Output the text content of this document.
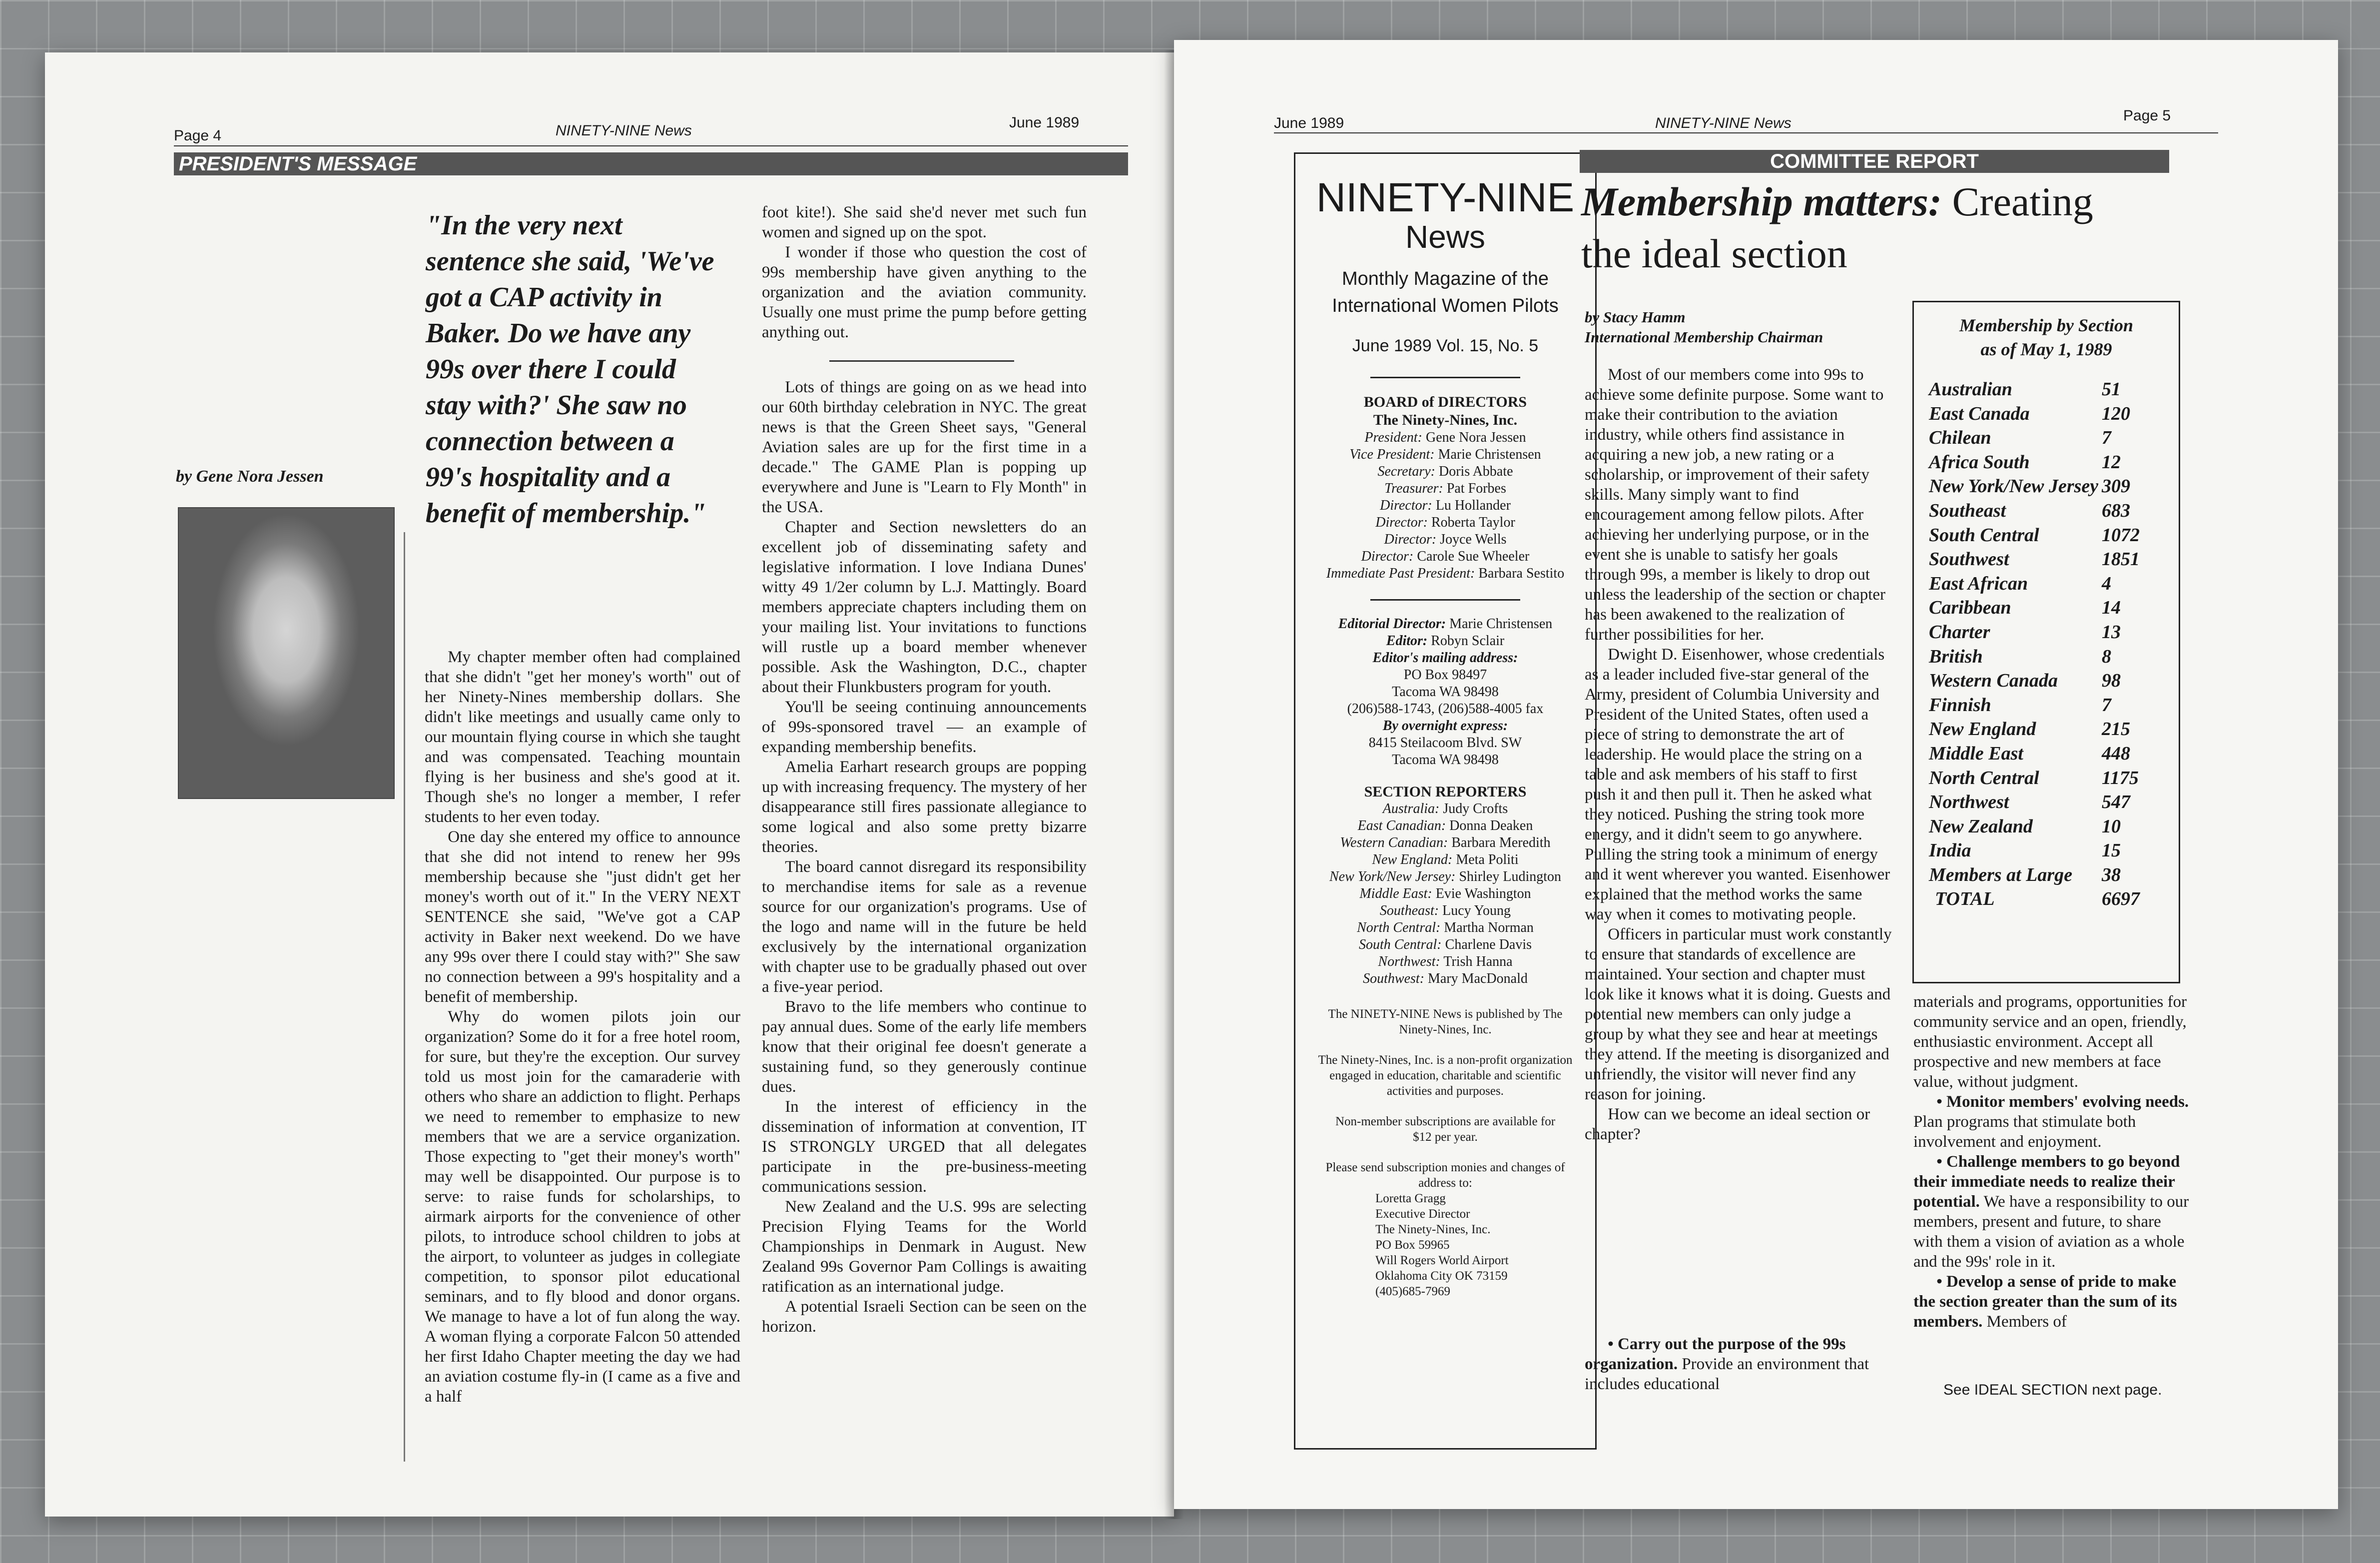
Page 4	NINETY-NINE News	June 1989
PRESIDENT'S MESSAGE
"In the very next sentence she said, 'We've got a CAP activity in Baker. Do we have any 99s over there I could stay with?' She saw no connection between a 99's hospitality and a benefit of membership."
by Gene Nora Jessen

My chapter member often had complained that she didn't "get her money's worth" out of her Ninety-Nines membership dollars. She didn't like meetings and usually came only to our mountain flying course in which she taught and was compensated. Teaching mountain flying is her business and she's good at it. Though she's no longer a member, I refer students to her even today.

One day she entered my office to announce that she did not intend to renew her 99s membership because she "just didn't get her money's worth out of it." In the VERY NEXT SENTENCE she said, "We've got a CAP activity in Baker next weekend. Do we have any 99s over there I could stay with?" She saw no connection between a 99's hospitality and a benefit of membership.

Why do women pilots join our organization? Some do it for a free hotel room, for sure, but they're the exception. Our survey told us most join for the camaraderie with others who share an addiction to flight. Perhaps we need to remember to emphasize to new members that we are a service organization. Those expecting to "get their money's worth" may well be disappointed. Our purpose is to serve: to raise funds for scholarships, to airmark airports for the convenience of other pilots, to introduce school children to jobs at the airport, to volunteer as judges in collegiate competition, to sponsor pilot educational seminars, and to fly blood and donor organs. We manage to have a lot of fun along the way. A woman flying a corporate Falcon 50 attended her first Idaho Chapter meeting the day we had an aviation costume fly-in (I came as a five and a half

foot kite!). She said she'd never met such fun women and signed up on the spot.

I wonder if those who question the cost of 99s membership have given anything to the organization and the aviation community. Usually one must prime the pump before getting anything out.

Lots of things are going on as we head into our 60th birthday celebration in NYC. The great news is that the Green Sheet says, "General Aviation sales are up for the first time in a decade." The GAME Plan is popping up everywhere and June is "Learn to Fly Month" in the USA.

Chapter and Section newsletters do an excellent job of disseminating safety and legislative information. I love Indiana Dunes' witty 49 1/2er column by L.J. Mattingly. Board members appreciate chapters including them on your mailing list. Your invitations to functions will rustle up a board member whenever possible. Ask the Washington, D.C., chapter about their Flunkbusters program for youth.

You'll be seeing continuing announcements of 99s-sponsored travel — an example of expanding membership benefits.

Amelia Earhart research groups are popping up with increasing frequency. The mystery of her disappearance still fires passionate allegiance to some logical and also some pretty bizarre theories.

The board cannot disregard its responsibility to merchandise items for sale as a revenue source for our organization's programs. Use of the logo and name will in the future be held exclusively by the international organization with chapter use to be gradually phased out over a five-year period.

Bravo to the life members who continue to pay annual dues. Some of the early life members know that their original fee doesn't generate a sustaining fund, so they generously continue dues.

In the interest of efficiency in the dissemination of information at convention, IT IS STRONGLY URGED that all delegates participate in the pre-business-meeting communications session.

New Zealand and the U.S. 99s are selecting Precision Flying Teams for the World Championships in Denmark in August. New Zealand 99s Governor Pam Collings is awaiting ratification as an international judge.

A potential Israeli Section can be seen on the horizon.

June 1989	NINETY-NINE News	Page 5
NINETY-NINE
News
Monthly Magazine of the International Women Pilots
June 1989 Vol. 15, No. 5
BOARD of DIRECTORS
The Ninety-Nines, Inc.
President: Gene Nora Jessen
Vice President: Marie Christensen
Secretary: Doris Abbate
Treasurer: Pat Forbes
Director: Lu Hollander
Director: Roberta Taylor
Director: Joyce Wells
Director: Carole Sue Wheeler
Immediate Past President: Barbara Sestito
Editorial Director: Marie Christensen
Editor: Robyn Sclair
Editor's mailing address:
PO Box 98497
Tacoma WA 98498
(206)588-1743, (206)588-4005 fax
By overnight express:
8415 Steilacoom Blvd. SW
Tacoma WA 98498
SECTION REPORTERS
Australia: Judy Crofts
East Canadian: Donna Deaken
Western Canadian: Barbara Meredith
New England: Meta Politi
New York/New Jersey: Shirley Ludington
Middle East: Evie Washington
Southeast: Lucy Young
North Central: Martha Norman
South Central: Charlene Davis
Northwest: Trish Hanna
Southwest: Mary MacDonald
The NINETY-NINE News is published by The Ninety-Nines, Inc.
The Ninety-Nines, Inc. is a non-profit organization engaged in education, charitable and scientific activities and purposes.
Non-member subscriptions are available for $12 per year.
Please send subscription monies and changes of address to:
Loretta Gragg
Executive Director
The Ninety-Nines, Inc.
PO Box 59965
Will Rogers World Airport
Oklahoma City OK 73159
(405)685-7969
COMMITTEE REPORT
Membership matters: Creating
the ideal section
by Stacy Hamm
International Membership Chairman

Most of our members come into 99s to achieve some definite purpose. Some want to make their contribution to the aviation industry, while others find assistance in acquiring a new job, a new rating or a scholarship, or improvement of their safety skills. Many simply want to find encouragement among fellow pilots. After achieving her underlying purpose, or in the event she is unable to satisfy her goals through 99s, a member is likely to drop out unless the leadership of the section or chapter has been awakened to the realization of further possibilities for her.

Dwight D. Eisenhower, whose credentials as a leader included five-star general of the Army, president of Columbia University and President of the United States, often used a piece of string to demonstrate the art of leadership. He would place the string on a table and ask members of his staff to first push it and then pull it. Then he asked what they noticed. Pushing the string took more energy, and it didn't seem to go anywhere. Pulling the string took a minimum of energy and it went wherever you wanted. Eisenhower explained that the method works the same way when it comes to motivating people.

Officers in particular must work constantly to ensure that standards of excellence are maintained. Your section and chapter must look like it knows what it is doing. Guests and potential new members can only judge a group by what they see and hear at meetings they attend. If the meeting is disorganized and unfriendly, the visitor will never find any reason for joining.

How can we become an ideal section or chapter?

• Carry out the purpose of the 99s organization. Provide an environment that includes educational

Membership by Section
as of May 1, 1989
Australian	51
East Canada	120
Chilean	7
Africa South	12
New York/New Jersey 309
Southeast	683
South Central	1072
Southwest	1851
East African	4
Caribbean	14
Charter	13
British	8
Western Canada 98
Finnish	7
New England	215
Middle East	448
North Central	1175
Northwest	547
New Zealand	10
India	15
Members at Large 38
TOTAL	6697

materials and programs, opportunities for community service and an open, friendly, enthusiastic environment. Accept all prospective and new members at face value, without judgment.

• Monitor members' evolving needs. Plan programs that stimulate both involvement and enjoyment.

• Challenge members to go beyond their immediate needs to realize their potential. We have a responsibility to our members, present and future, to share with them a vision of aviation as a whole and the 99s' role in it.

• Develop a sense of pride to make the section greater than the sum of its members. Members of

See IDEAL SECTION next page.
